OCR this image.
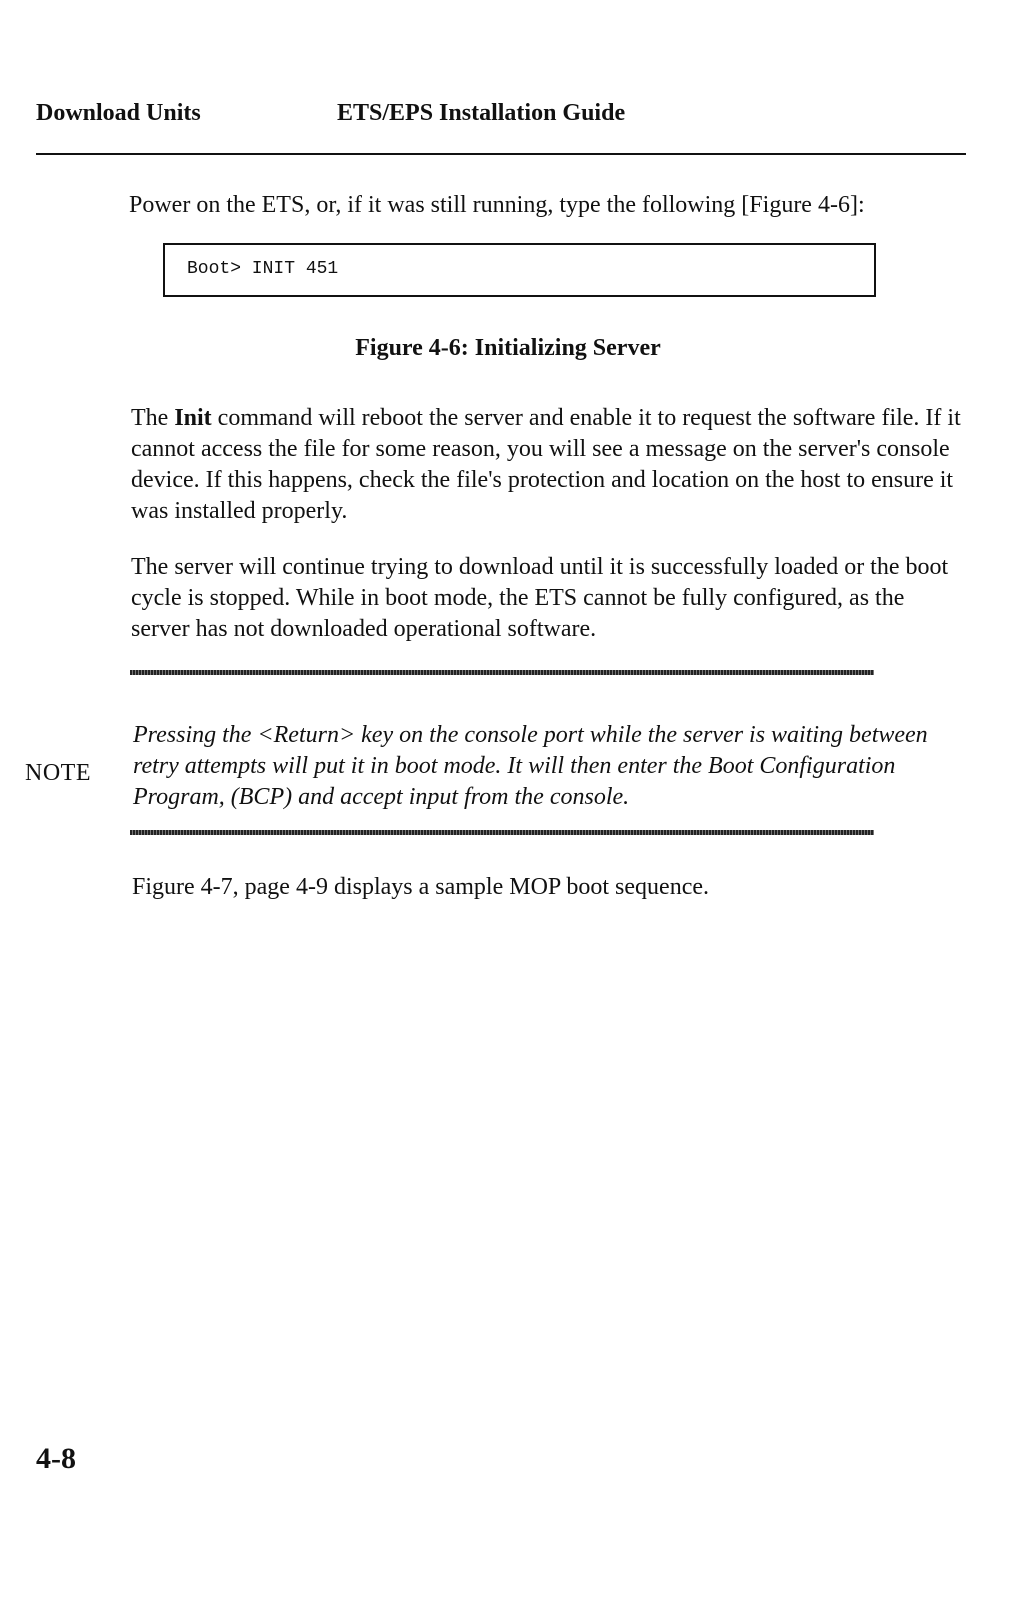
Download Units	ETS/EPS Installation Guide

Power on the ETS, or, if it was still running, type the following [Figure 4-6]:

Boot> INIT 451
Figure 4-6: Initializing Server

The Init command will reboot the server and enable it to request the software file. If it cannot access the file for some reason, you will see a message on the server's console device. If this happens, check the file's protection and location on the host to ensure it was installed properly.

The server will continue trying to download until it is successfully loaded or the boot cycle is stopped. While in boot mode, the ETS cannot be fully configured, as the server has not downloaded operational software.

NOTE

Pressing the <Return> key on the console port while the server is waiting between retry attempts will put it in boot mode. It will then enter the Boot Configuration Program, (BCP) and accept input from the console.

Figure 4-7, page 4-9 displays a sample MOP boot sequence.

4-8
